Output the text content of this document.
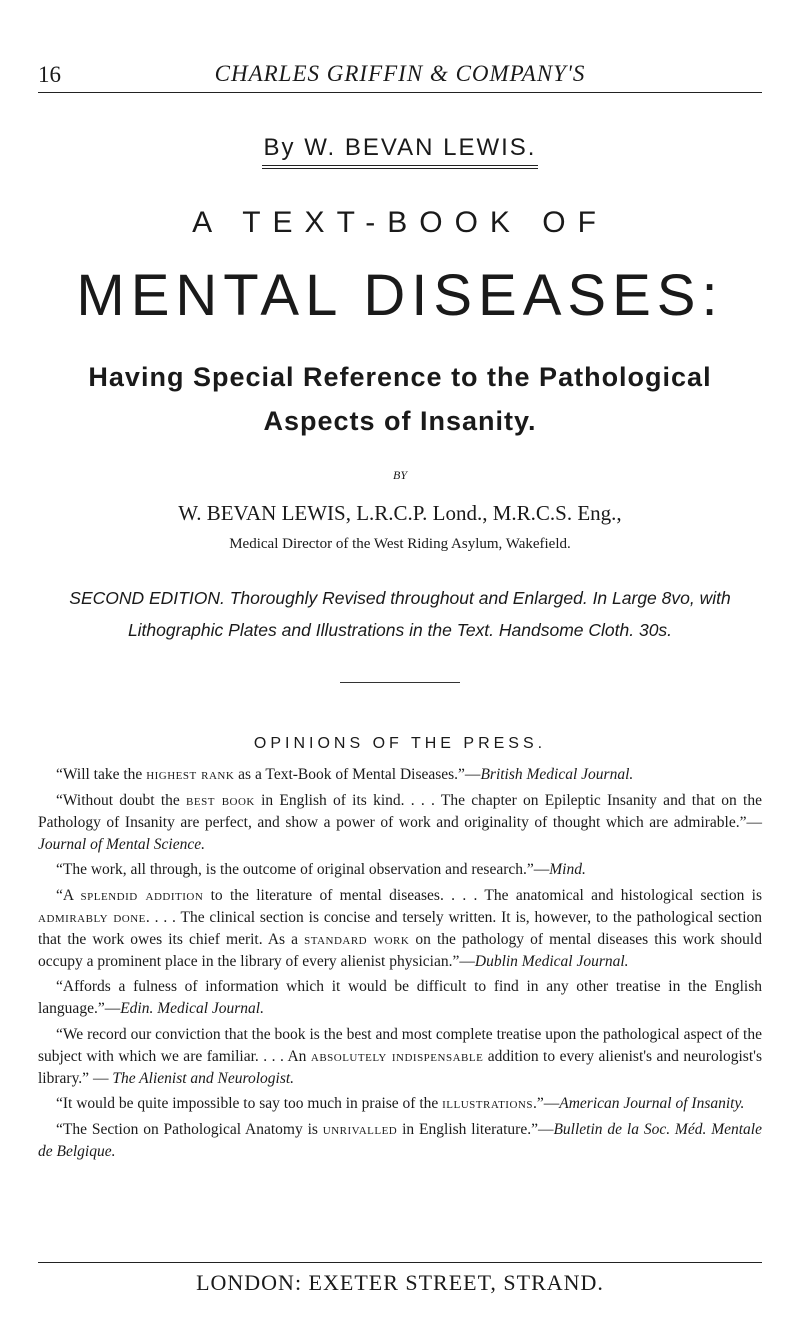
16	CHARLES GRIFFIN & COMPANY'S
By W. BEVAN LEWIS.
A TEXT-BOOK OF
MENTAL DISEASES:
Having Special Reference to the Pathological Aspects of Insanity.
BY
W. BEVAN LEWIS, L.R.C.P. Lond., M.R.C.S. Eng.,
Medical Director of the West Riding Asylum, Wakefield.
SECOND EDITION. Thoroughly Revised throughout and Enlarged. In Large 8vo, with Lithographic Plates and Illustrations in the Text. Handsome Cloth. 30s.
OPINIONS OF THE PRESS.

“Will take the highest rank as a Text-Book of Mental Diseases.”—British Medical Journal.

“Without doubt the best book in English of its kind. . . . The chapter on Epileptic Insanity and that on the Pathology of Insanity are perfect, and show a power of work and originality of thought which are admirable.”—Journal of Mental Science.

“The work, all through, is the outcome of original observation and research.”—Mind.

“A splendid addition to the literature of mental diseases. . . . The anatomical and histological section is admirably done. . . . The clinical section is concise and tersely written. It is, however, to the pathological section that the work owes its chief merit. As a standard work on the pathology of mental diseases this work should occupy a prominent place in the library of every alienist physician.”—Dublin Medical Journal.

“Affords a fulness of information which it would be difficult to find in any other treatise in the English language.”—Edin. Medical Journal.

“We record our conviction that the book is the best and most complete treatise upon the pathological aspect of the subject with which we are familiar. . . . An absolutely indispensable addition to every alienist's and neurologist's library.” — The Alienist and Neurologist.

“It would be quite impossible to say too much in praise of the illustrations.”—American Journal of Insanity.

“The Section on Pathological Anatomy is unrivalled in English literature.”—Bulletin de la Soc. Méd. Mentale de Belgique.

LONDON: EXETER STREET, STRAND.
